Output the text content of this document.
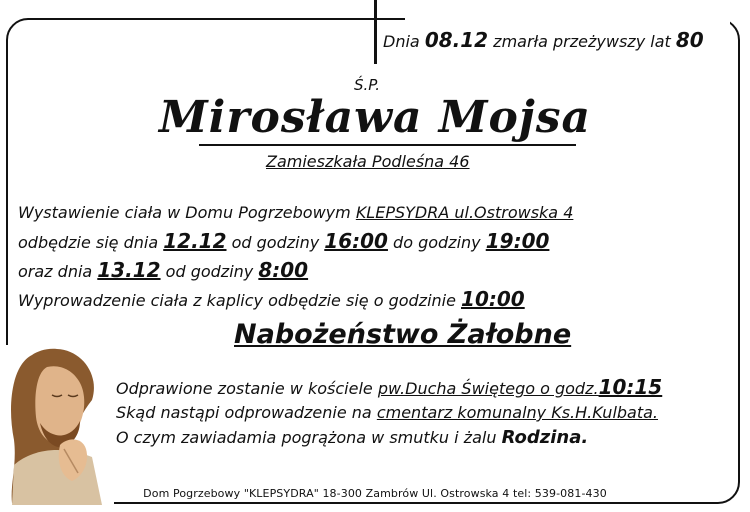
Dnia 08.12 zmarła przeżywszy lat 80
Ś.P.
Mirosława Mojsa
Zamieszkała Podleśna 46
Wystawienie ciała w Domu Pogrzebowym KLEPSYDRA ul.Ostrowska 4
odbędzie się dnia 12.12 od godziny 16:00 do godziny 19:00
oraz dnia 13.12 od godziny 8:00
Wyprowadzenie ciała z kaplicy odbędzie się o godzinie 10:00
Nabożeństwo Żałobne
Odprawione zostanie w kościele pw.Ducha Świętego o godz.10:15
Skąd nastąpi odprowadzenie na cmentarz komunalny Ks.H.Kulbata.
O czym zawiadamia pogrążona w smutku i żalu Rodzina.
Dom Pogrzebowy "KLEPSYDRA" 18-300 Zambrów Ul. Ostrowska 4 tel: 539-081-430
